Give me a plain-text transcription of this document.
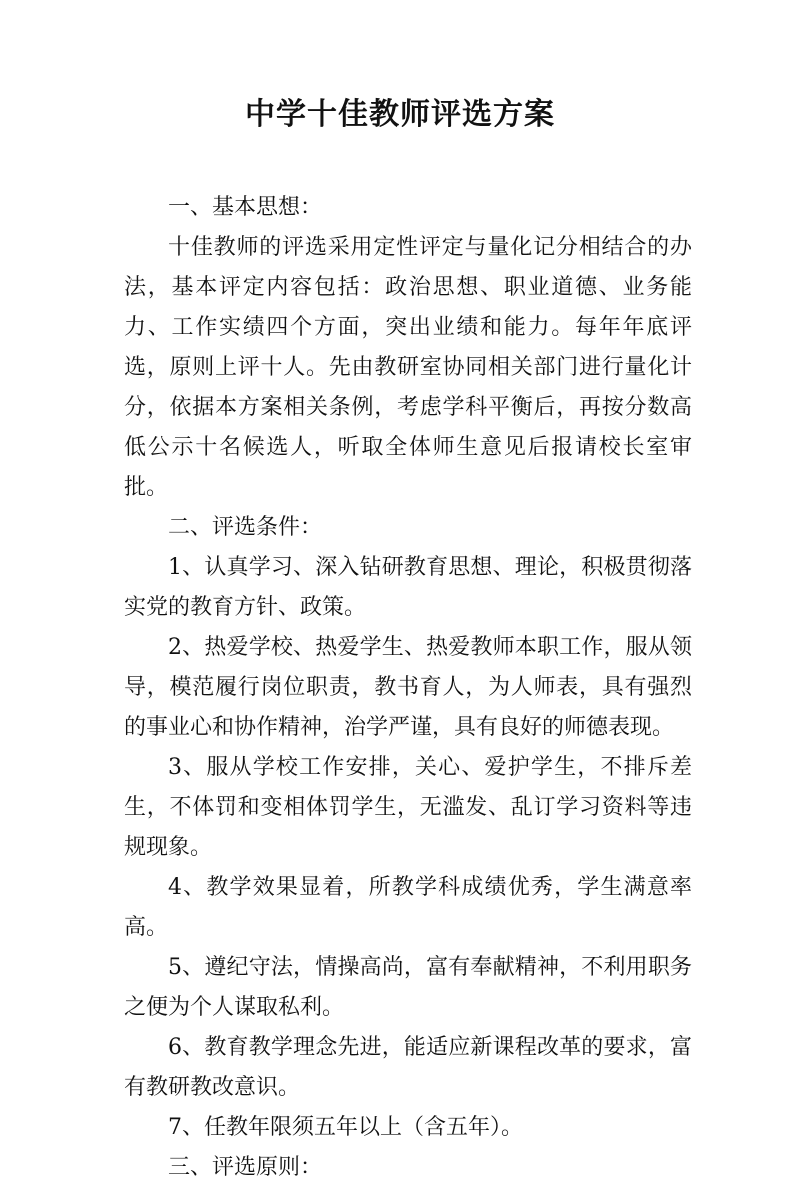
中学十佳教师评选方案

一、基本思想：

十佳教师的评选采用定性评定与量化记分相结合的办法，基本评定内容包括：政治思想、职业道德、业务能力、工作实绩四个方面，突出业绩和能力。每年年底评选，原则上评十人。先由教研室协同相关部门进行量化计分，依据本方案相关条例，考虑学科平衡后，再按分数高低公示十名候选人，听取全体师生意见后报请校长室审批。

二、评选条件：

1、认真学习、深入钻研教育思想、理论，积极贯彻落实党的教育方针、政策。

2、热爱学校、热爱学生、热爱教师本职工作，服从领导，模范履行岗位职责，教书育人，为人师表，具有强烈的事业心和协作精神，治学严谨，具有良好的师德表现。

3、服从学校工作安排，关心、爱护学生，不排斥差生，不体罚和变相体罚学生，无滥发、乱订学习资料等违规现象。

4、教学效果显着，所教学科成绩优秀，学生满意率高。

5、遵纪守法，情操高尚，富有奉献精神，不利用职务之便为个人谋取私利。

6、教育教学理念先进，能适应新课程改革的要求，富有教研教改意识。

7、任教年限须五年以上（含五年）。

三、评选原则：
